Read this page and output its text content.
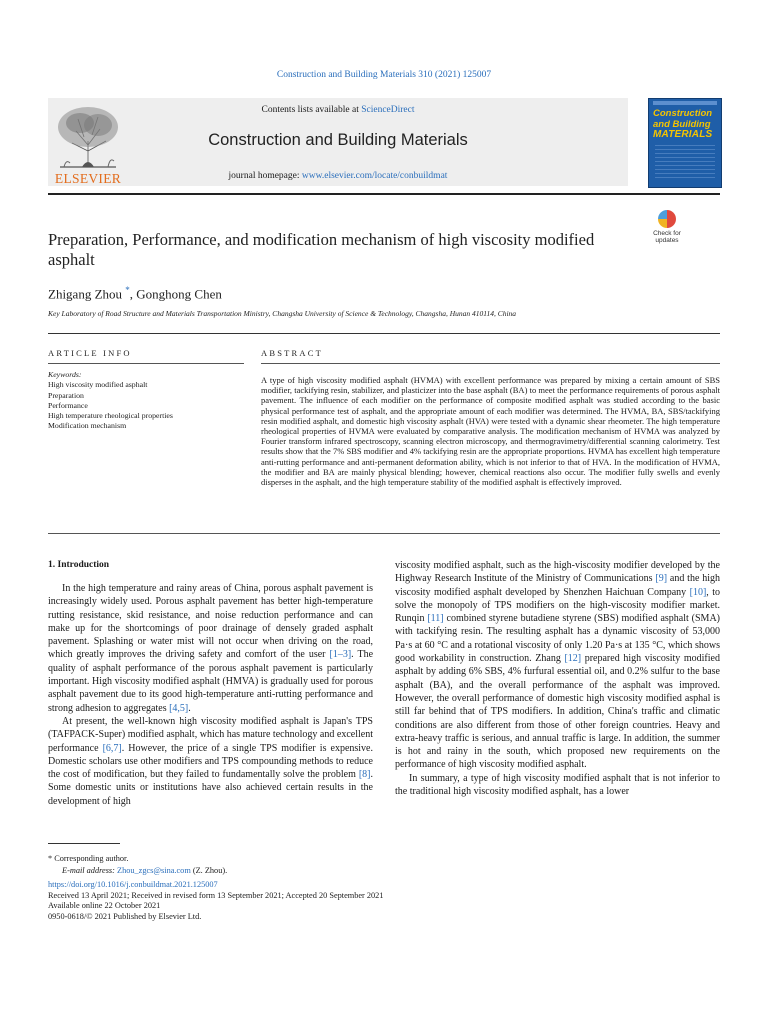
Construction and Building Materials 310 (2021) 125007
ELSEVIER
Contents lists available at ScienceDirect
Construction and Building Materials
journal homepage: www.elsevier.com/locate/conbuildmat
Construction
and Building
MATERIALS
Preparation, Performance, and modification mechanism of high viscosity modified asphalt
Check for
updates
Zhigang Zhou *, Gonghong Chen
Key Laboratory of Road Structure and Materials Transportation Ministry, Changsha University of Science & Technology, Changsha, Hunan 410114, China
ARTICLE INFO	ABSTRACT
Keywords:
High viscosity modified asphalt
Preparation
Performance
High temperature rheological properties
Modification mechanism
A type of high viscosity modified asphalt (HVMA) with excellent performance was prepared by mixing a certain amount of SBS modifier, tackifying resin, stabilizer, and plasticizer into the base asphalt (BA) to meet the performance requirements of porous asphalt pavement. The influence of each modifier on the performance of composite modified asphalt was studied according to the basic physical performance test of asphalt, and the appropriate amount of each modifier was determined. The HVMA, BA, SBS/tackifying resin modified asphalt, and domestic high viscosity asphalt (HVA) were tested with a dynamic shear rheometer. The high temperature rheological properties of HVMA were evaluated by comparative analysis. The modification mechanism of HVMA was analyzed by Fourier transform infrared spectroscopy, scanning electron microscopy, and thermogravimetry/differential scanning calorimetry. Test results show that the 7% SBS modifier and 4% tackifying resin are the appropriate proportions. HVMA has excellent high temperature anti-rutting performance and anti-permanent deformation ability, which is not inferior to that of HVA. In the modification of HVMA, the modifier and BA are mainly physical blending; however, chemical reactions also occur. The modifier fully swells and evenly disperses in the asphalt, and the high temperature stability of the modified asphalt is effectively improved.
1. Introduction

In the high temperature and rainy areas of China, porous asphalt pavement is increasingly widely used. Porous asphalt pavement has better high-temperature rutting resistance, skid resistance, and noise reduction performance and can make up for the shortcomings of poor drainage of densely graded asphalt pavement. Splashing or water mist will not occur when driving on the road, which greatly improves the driving safety and comfort of the user [1–3]. The quality of asphalt performance of the porous asphalt pavement is particularly important. High viscosity modified asphalt (HMVA) is gradually used for porous asphalt pavement due to its good high-temperature anti-rutting performance and strong adhesion to aggregates [4,5].

At present, the well-known high viscosity modified asphalt is Japan's TPS (TAFPACK-Super) modified asphalt, which has mature technology and excellent performance [6,7]. However, the price of a single TPS modifier is expensive. Domestic scholars use other modifiers and TPS compounding methods to reduce the cost of modification, but they failed to fundamentally solve the problem [8]. Some domestic units or institutions have also achieved certain results in the development of high

viscosity modified asphalt, such as the high-viscosity modifier developed by the Highway Research Institute of the Ministry of Communications [9] and the high viscosity modified asphalt developed by Shenzhen Haichuan Company [10], to solve the monopoly of TPS modifiers on the high-viscosity modifier market. Runqin [11] combined styrene butadiene styrene (SBS) modified asphalt (SMA) with tackifying resin. The resulting asphalt has a dynamic viscosity of 53,000 Pa·s at 60 °C and a rotational viscosity of only 1.20 Pa·s at 135 °C, which shows good workability in construction. Zhang [12] prepared high viscosity modified asphalt by adding 6% SBS, 4% furfural essential oil, and 0.2% sulfur to the base asphalt (BA), and the overall performance of the asphalt was improved. However, the overall performance of domestic high viscosity modified asphal is still far behind that of TPS modifiers. In addition, China's traffic and climatic conditions are also different from those of other foreign countries. Heavy and extra-heavy traffic is serious, and annual traffic is large. In addition, the summer is hot and rainy in the south, which proposed new requirements on the performance of high viscosity modified asphalt.

In summary, a type of high viscosity modified asphalt that is not inferior to the traditional high viscosity modified asphalt, has a lower

* Corresponding author.
E-mail address: Zhou_zgcs@sina.com (Z. Zhou).
https://doi.org/10.1016/j.conbuildmat.2021.125007
Received 13 April 2021; Received in revised form 13 September 2021; Accepted 20 September 2021
Available online 22 October 2021
0950-0618/© 2021 Published by Elsevier Ltd.
